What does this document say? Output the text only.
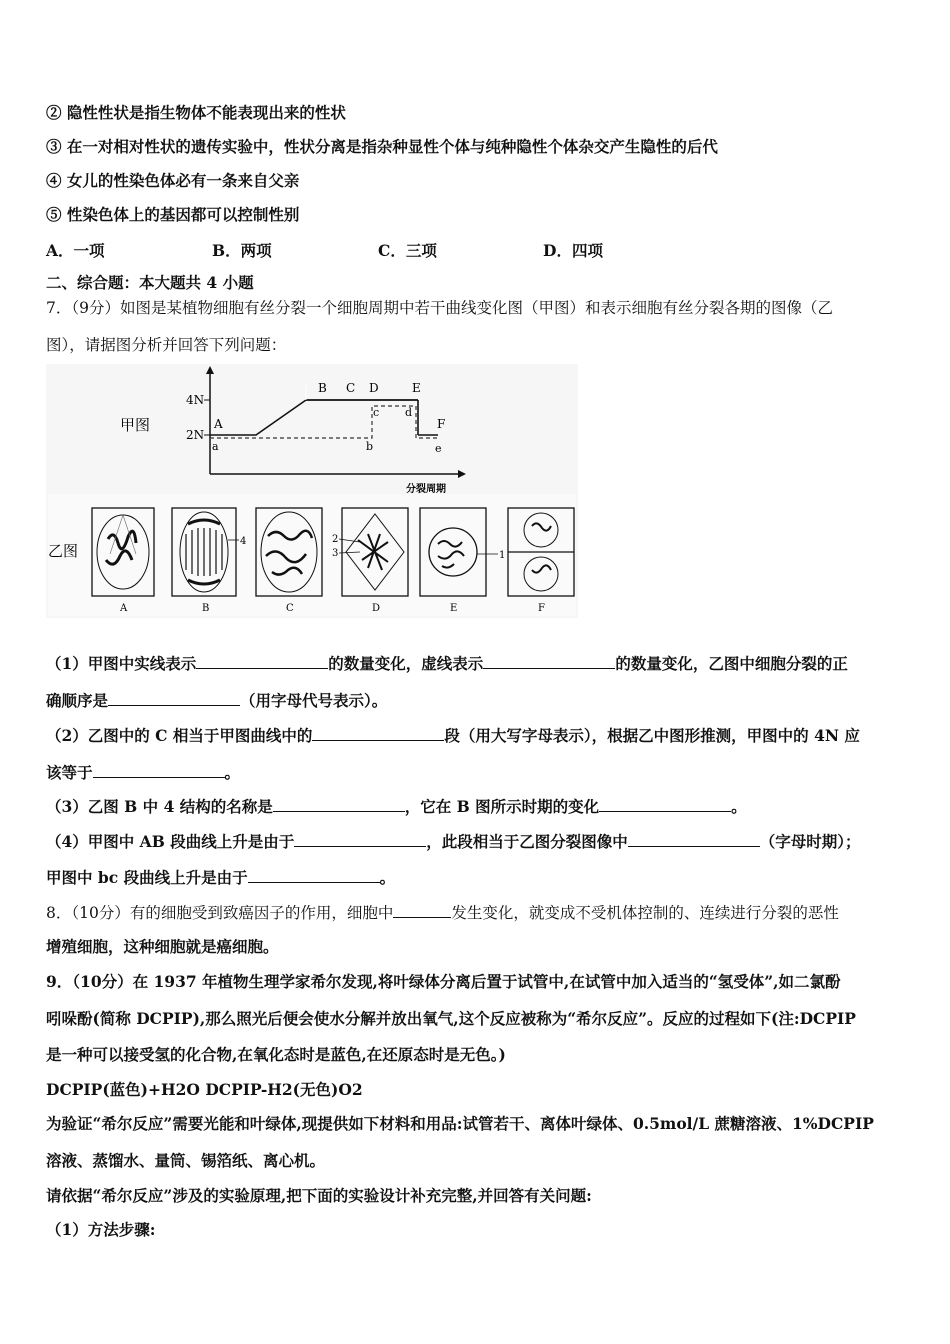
② 隐性性状是指生物体不能表现出来的性状
③ 在一对相对性状的遗传实验中，性状分离是指杂种显性个体与纯种隐性个体杂交产生隐性的后代
④ 女儿的性染色体必有一条来自父亲
⑤ 性染色体上的基因都可以控制性别
A．一项	B．两项	C．三项	D．四项
二、综合题：本大题共 4 小题
7．（9分）如图是某植物细胞有丝分裂一个细胞周期中若干曲线变化图（甲图）和表示细胞有丝分裂各期的图像（乙
图），请据图分析并回答下列问题：
甲图
4N
2N
A
B C D	E
F
a	b
c d
e
分裂周期
乙图
A
4
B	C
2
3
D
1
E	F
（1）甲图中实线表示	的数量变化，虚线表示	的数量变化，乙图中细胞分裂的正
确顺序是	（用字母代号表示）。
（2）乙图中的 C 相当于甲图曲线中的	段（用大写字母表示），根据乙中图形推测，甲图中的 4N 应
该等于	。
（3）乙图 B 中 4 结构的名称是	，它在 B 图所示时期的变化	。
（4）甲图中 AB 段曲线上升是由于	，此段相当于乙图分裂图像中	（字母时期）；
甲图中 bc 段曲线上升是由于	。
8．（10分）有的细胞受到致癌因子的作用，细胞中	发生变化，就变成不受机体控制的、连续进行分裂的恶性
增殖细胞，这种细胞就是癌细胞。
9．（10分）在 1937 年植物生理学家希尔发现,将叶绿体分离后置于试管中,在试管中加入适当的“氢受体”,如二氯酚
吲哚酚(简称 DCPIP),那么照光后便会使水分解并放出氧气,这个反应被称为“希尔反应”。反应的过程如下(注:DCPIP
是一种可以接受氢的化合物,在氧化态时是蓝色,在还原态时是无色。)
DCPIP(蓝色)+H2O DCPIP-H2(无色)O2
为验证“希尔反应”需要光能和叶绿体,现提供如下材料和用品:试管若干、离体叶绿体、0.5mol/L 蔗糖溶液、1%DCPIP
溶液、蒸馏水、量筒、锡箔纸、离心机。
请依据“希尔反应”涉及的实验原理,把下面的实验设计补充完整,并回答有关问题:
（1）方法步骤:
